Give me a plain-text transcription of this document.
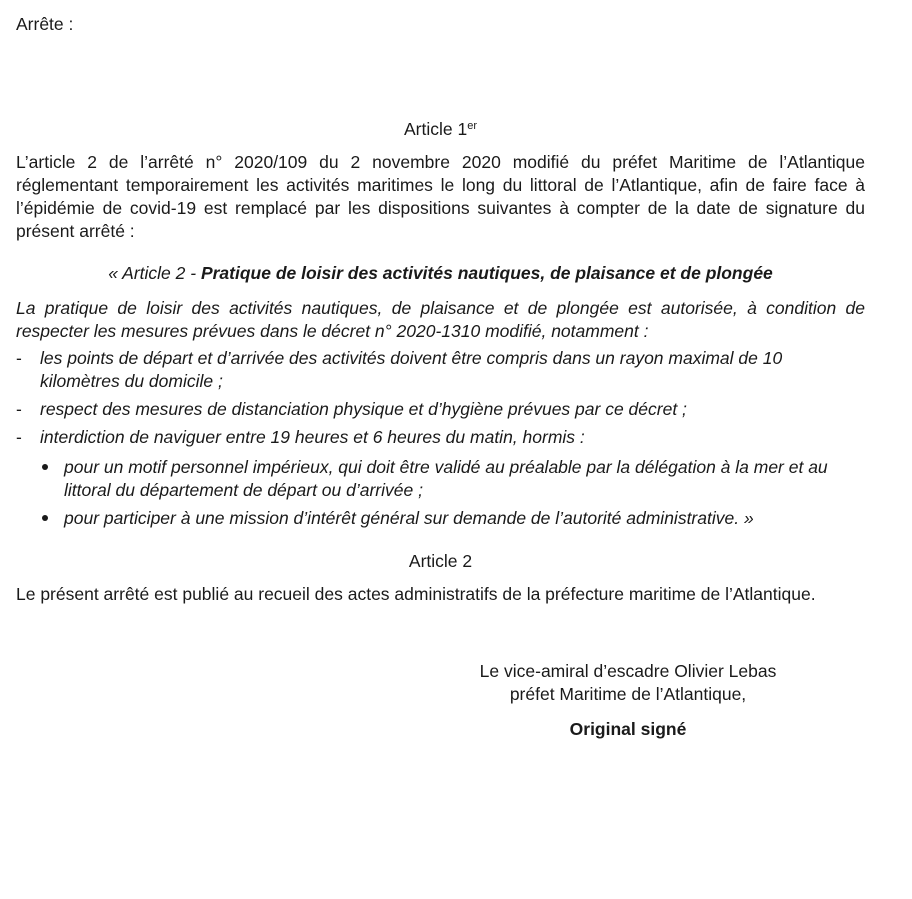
Arrête :
Article 1er
L’article 2 de l’arrêté n° 2020/109 du 2 novembre 2020 modifié du préfet Maritime de l’Atlantique réglementant temporairement les activités maritimes le long du littoral de l’Atlantique, afin de faire face à l’épidémie de covid-19 est remplacé par les dispositions suivantes à compter de la date de signature du présent arrêté :
« Article 2 - Pratique de loisir des activités nautiques, de plaisance et de plongée
La pratique de loisir des activités nautiques, de plaisance et de plongée est autorisée, à condition de respecter les mesures prévues dans le décret n° 2020-1310 modifié, notamment :
- les points de départ et d’arrivée des activités doivent être compris dans un rayon maximal de 10 kilomètres du domicile ;
- respect des mesures de distanciation physique et d’hygiène prévues par ce décret ;
- interdiction de naviguer entre 19 heures et 6 heures du matin, hormis :
pour un motif personnel impérieux, qui doit être validé au préalable par la délégation à la mer et au littoral du département de départ ou d’arrivée ;
pour participer à une mission d’intérêt général sur demande de l’autorité administrative. »
Article 2
Le présent arrêté est publié au recueil des actes administratifs de la préfecture maritime de l’Atlantique.
Le vice-amiral d’escadre Olivier Lebas
préfet Maritime de l’Atlantique,
Original signé
